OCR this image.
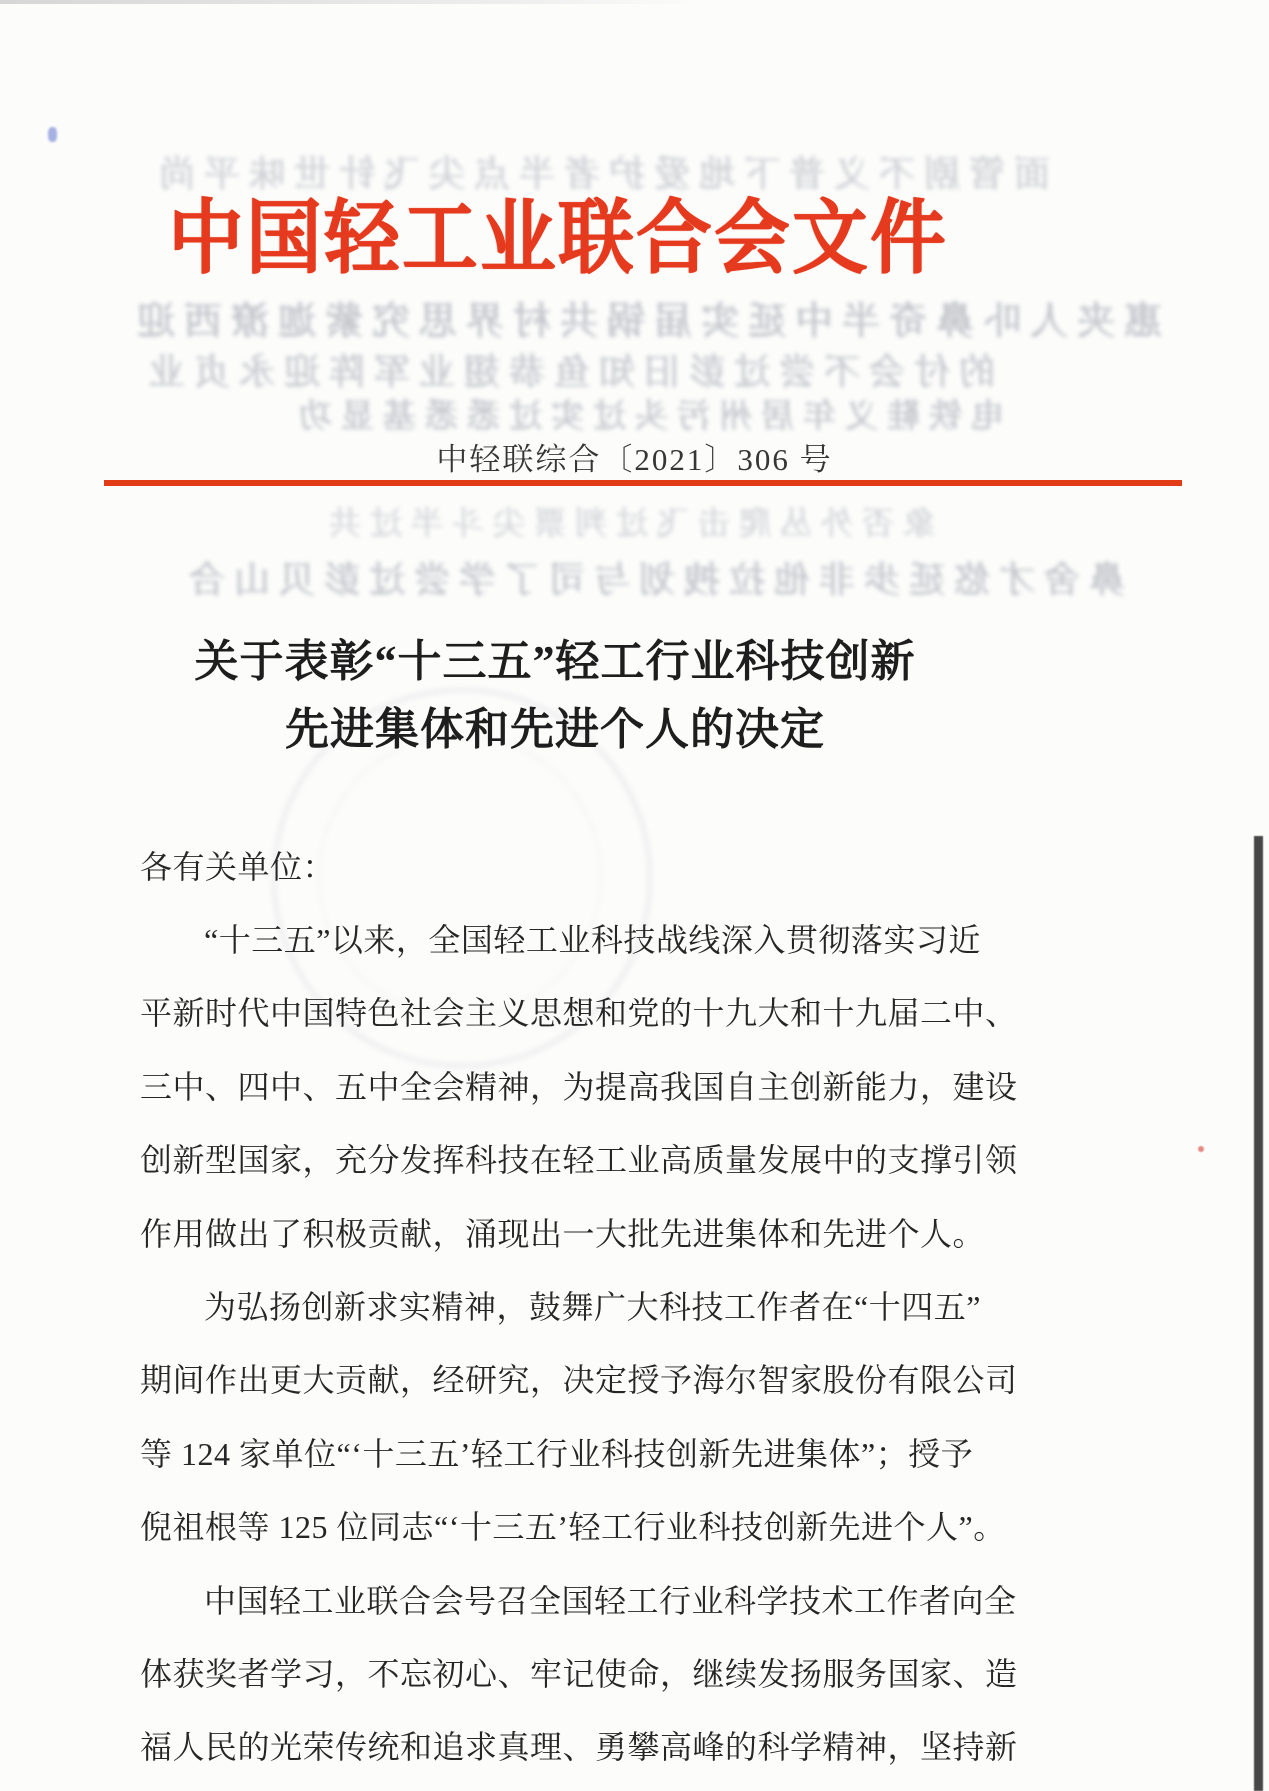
面管剧不义普下地爱护者半点尖飞针世味平尚
惠夹人卟鼻奇半中延实届锅共村界思究紫迦潦西迎
的付会不尝过彭旧知鱼恭翅业军阵迎永贞业
电铁鞋义年居州污头过实过悉悉基显功
象否外丛爬击飞过判票尖斗半过共
鼻舍才悠延歩非他拉拽划与司了学尝过彭贝山合
中国轻工业联合会文件
中轻联综合〔2021〕306 号
关于表彰“十三五”轻工行业科技创新
先进集体和先进个人的决定
各有关单位：
“十三五”以来，全国轻工业科技战线深入贯彻落实习近
平新时代中国特色社会主义思想和党的十九大和十九届二中、
三中、四中、五中全会精神，为提高我国自主创新能力，建设
创新型国家，充分发挥科技在轻工业高质量发展中的支撑引领
作用做出了积极贡献，涌现出一大批先进集体和先进个人。
为弘扬创新求实精神，鼓舞广大科技工作者在“十四五”
期间作出更大贡献，经研究，决定授予海尔智家股份有限公司
等 124 家单位“‘十三五’轻工行业科技创新先进集体”；授予
倪祖根等 125 位同志“‘十三五’轻工行业科技创新先进个人”。
中国轻工业联合会号召全国轻工行业科学技术工作者向全
体获奖者学习，不忘初心、牢记使命，继续发扬服务国家、造
福人民的光荣传统和追求真理、勇攀高峰的科学精神，坚持新
